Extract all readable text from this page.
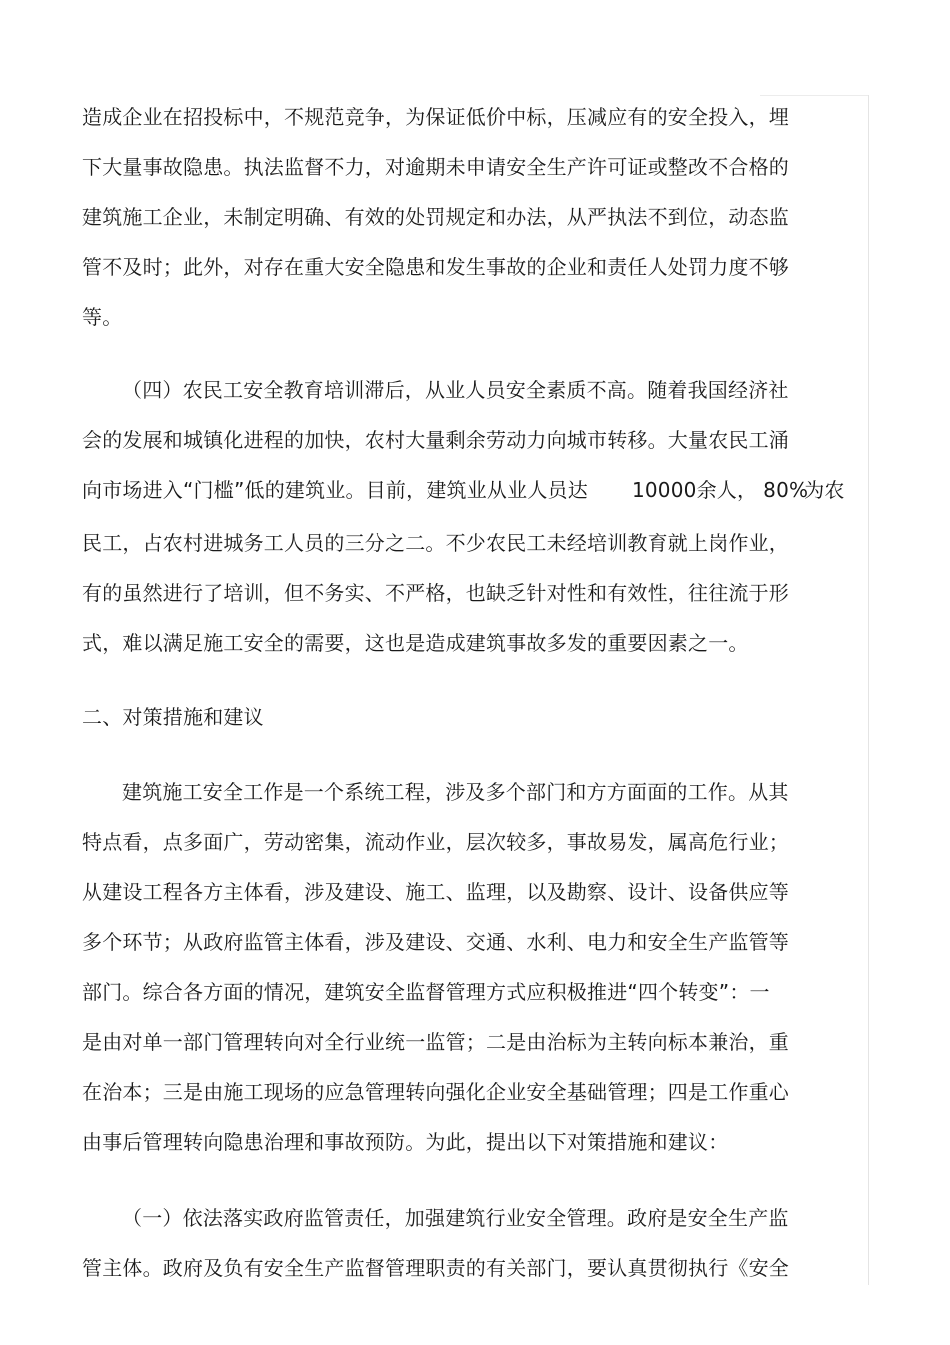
造成企业在招投标中，不规范竞争，为保证低价中标，压减应有的安全投入，埋
下大量事故隐患。执法监督不力，对逾期未申请安全生产许可证或整改不合格的
建筑施工企业，未制定明确、有效的处罚规定和办法，从严执法不到位，动态监
管不及时；此外，对存在重大安全隐患和发生事故的企业和责任人处罚力度不够
等。
（四）农民工安全教育培训滞后，从业人员安全素质不高。随着我国经济社
会的发展和城镇化进程的加快，农村大量剩余劳动力向城市转移。大量农民工涌
向市场进入“门槛”低的建筑业。目前，建筑业从业人员达 10000余人， 80%为农
民工，占农村进城务工人员的三分之二。不少农民工未经培训教育就上岗作业，
有的虽然进行了培训，但不务实、不严格，也缺乏针对性和有效性，往往流于形
式，难以满足施工安全的需要，这也是造成建筑事故多发的重要因素之一。
二、对策措施和建议
建筑施工安全工作是一个系统工程，涉及多个部门和方方面面的工作。从其
特点看，点多面广，劳动密集，流动作业，层次较多，事故易发，属高危行业；
从建设工程各方主体看，涉及建设、施工、监理，以及勘察、设计、设备供应等
多个环节；从政府监管主体看，涉及建设、交通、水利、电力和安全生产监管等
部门。综合各方面的情况，建筑安全监督管理方式应积极推进“四个转变”：一
是由对单一部门管理转向对全行业统一监管；二是由治标为主转向标本兼治，重
在治本；三是由施工现场的应急管理转向强化企业安全基础管理；四是工作重心
由事后管理转向隐患治理和事故预防。为此，提出以下对策措施和建议：
（一）依法落实政府监管责任，加强建筑行业安全管理。政府是安全生产监
管主体。政府及负有安全生产监督管理职责的有关部门，要认真贯彻执行《安全
